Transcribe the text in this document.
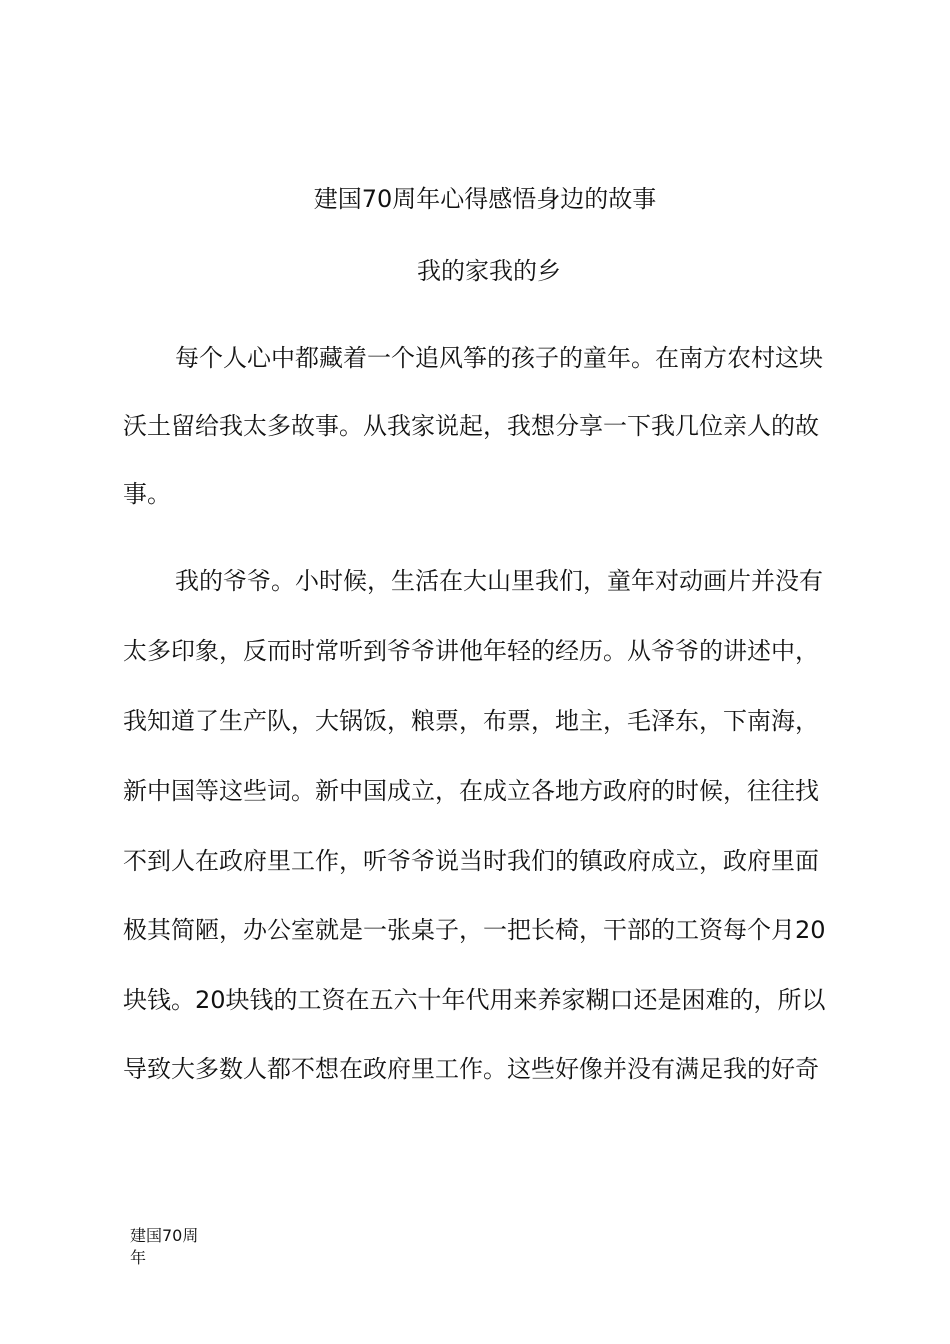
建国70周年心得感悟身边的故事
我的家我的乡
每个人心中都藏着一个追风筝的孩子的童年。在南方农村这块
沃土留给我太多故事。从我家说起，我想分享一下我几位亲人的故
事。
我的爷爷。小时候，生活在大山里我们，童年对动画片并没有
太多印象，反而时常听到爷爷讲他年轻的经历。从爷爷的讲述中，
我知道了生产队，大锅饭，粮票，布票，地主，毛泽东，下南海，
新中国等这些词。新中国成立，在成立各地方政府的时候，往往找
不到人在政府里工作，听爷爷说当时我们的镇政府成立，政府里面
极其简陋，办公室就是一张桌子，一把长椅，干部的工资每个月20
块钱。20块钱的工资在五六十年代用来养家糊口还是困难的，所以
导致大多数人都不想在政府里工作。这些好像并没有满足我的好奇
建国70周
年
